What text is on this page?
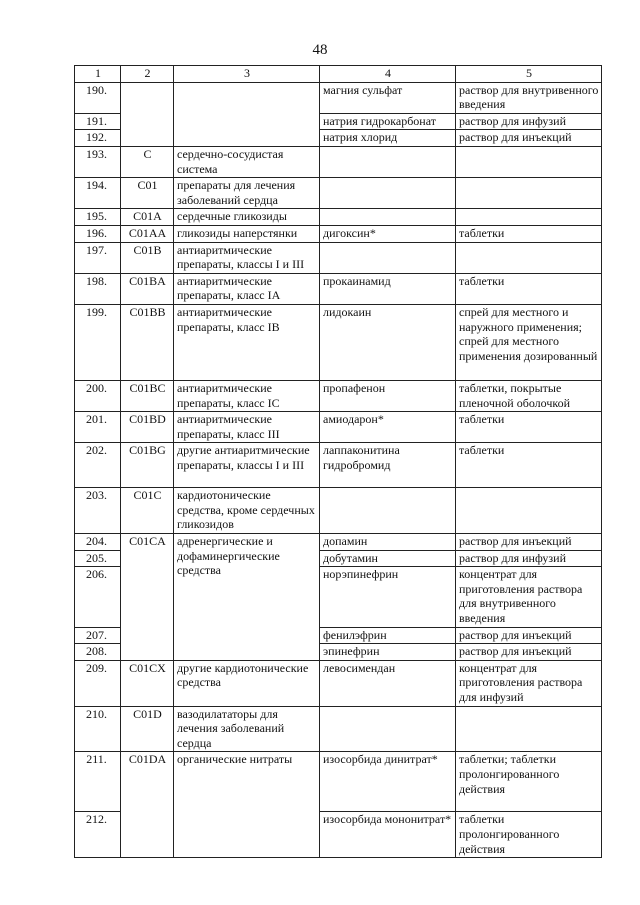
48
1	2	3	4	5
190.			магния сульфат	раствор для внутривенного введения
191.			натрия гидрокарбонат	раствор для инфузий
192.			натрия хлорид	раствор для инъекций
193.	C	сердечно-сосудистая система		
194.	C01	препараты для лечения заболеваний сердца		
195.	C01A	сердечные гликозиды		
196.	C01AA	гликозиды наперстянки	дигоксин*	таблетки
197.	C01B	антиаритмические препараты, классы I и III		
198.	C01BA	антиаритмические препараты, класс IA	прокаинамид	таблетки
199.	C01BB	антиаритмические препараты, класс IB	лидокаин	спрей для местного и наружного применения; спрей для местного применения дозированный
200.	C01BC	антиаритмические препараты, класс IC	пропафенон	таблетки, покрытые пленочной оболочкой
201.	C01BD	антиаритмические препараты, класс III	амиодарон*	таблетки
202.	C01BG	другие антиаритмические препараты, классы I и III	лаппаконитина гидробромид	таблетки
203.	C01C	кардиотонические средства, кроме сердечных гликозидов		
204.	C01CA	адренергические и дофаминергические средства	допамин	раствор для инъекций
205.			добутамин	раствор для инфузий
206.			норэпинефрин	концентрат для приготовления раствора для внутривенного введения
207.			фенилэфрин	раствор для инъекций
208.			эпинефрин	раствор для инъекций
209.	C01CX	другие кардиотонические средства	левосимендан	концентрат для приготовления раствора для инфузий
210.	C01D	вазодилататоры для лечения заболеваний сердца		
211.	C01DA	органические нитраты	изосорбида динитрат*	таблетки; таблетки пролонгированного действия
212.			изосорбида мононитрат*	таблетки пролонгированного действия
